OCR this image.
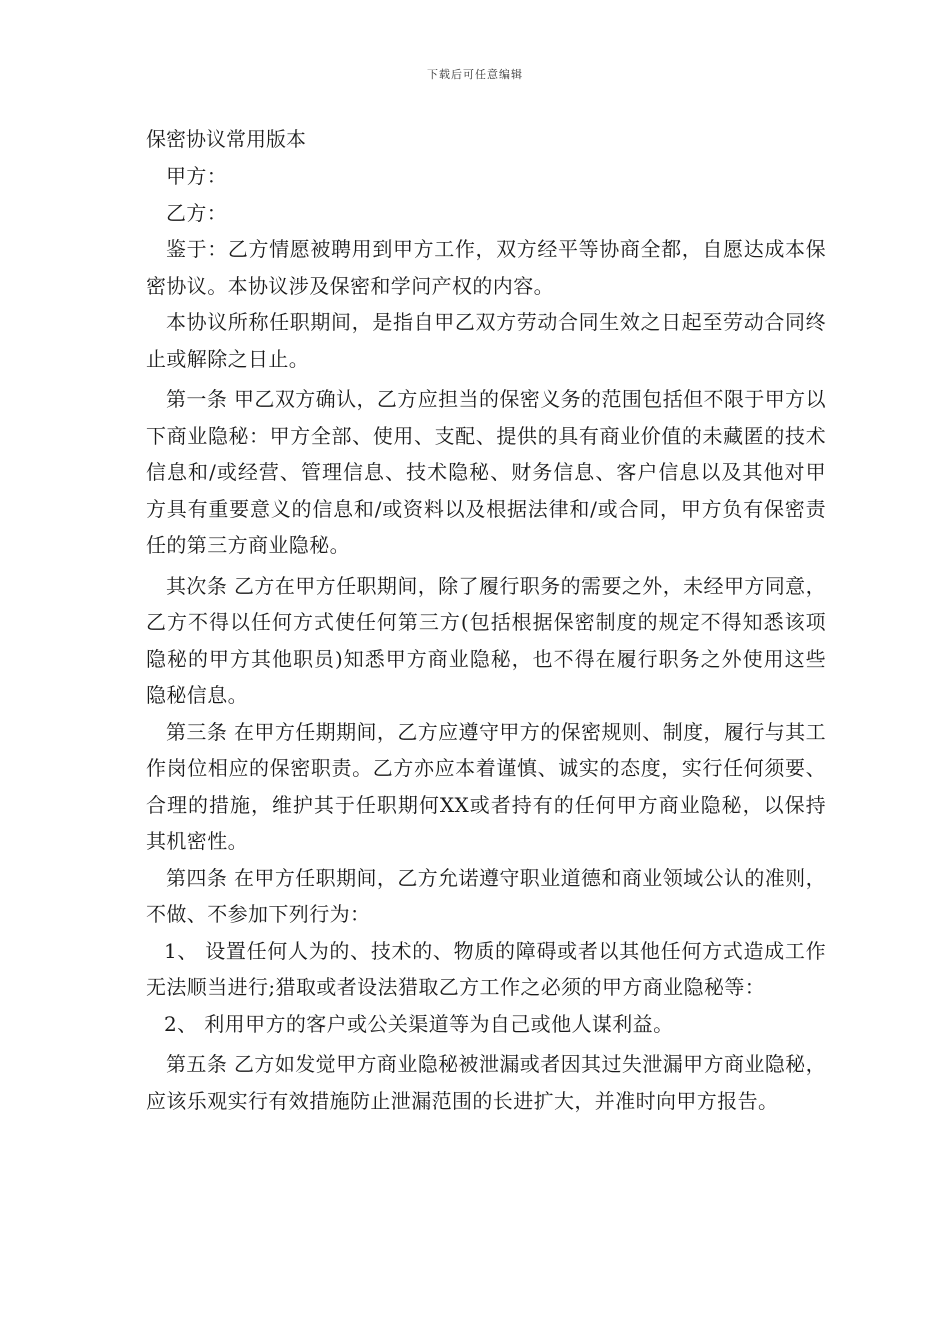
下载后可任意编辑
保密协议常用版本

甲方：

乙方：

鉴于：乙方情愿被聘用到甲方工作，双方经平等协商全都，自愿达成本保密协议。本协议涉及保密和学问产权的内容。

本协议所称任职期间，是指自甲乙双方劳动合同生效之日起至劳动合同终止或解除之日止。

第一条 甲乙双方确认，乙方应担当的保密义务的范围包括但不限于甲方以下商业隐秘：甲方全部、使用、支配、提供的具有商业价值的未藏匿的技术信息和/或经营、管理信息、技术隐秘、财务信息、客户信息以及其他对甲方具有重要意义的信息和/或资料以及根据法律和/或合同，甲方负有保密责任的第三方商业隐秘。

其次条 乙方在甲方任职期间，除了履行职务的需要之外，未经甲方同意，乙方不得以任何方式使任何第三方(包括根据保密制度的规定不得知悉该项隐秘的甲方其他职员)知悉甲方商业隐秘，也不得在履行职务之外使用这些隐秘信息。

第三条 在甲方任期期间，乙方应遵守甲方的保密规则、制度，履行与其工作岗位相应的保密职责。乙方亦应本着谨慎、诚实的态度，实行任何须要、合理的措施，维护其于任职期何XX或者持有的任何甲方商业隐秘，以保持其机密性。

第四条 在甲方任职期间，乙方允诺遵守职业道德和商业领域公认的准则，不做、不参加下列行为：

1、 设置任何人为的、技术的、物质的障碍或者以其他任何方式造成工作无法顺当进行;猎取或者设法猎取乙方工作之必须的甲方商业隐秘等：

2、 利用甲方的客户或公关渠道等为自己或他人谋利益。

第五条 乙方如发觉甲方商业隐秘被泄漏或者因其过失泄漏甲方商业隐秘，应该乐观实行有效措施防止泄漏范围的长进扩大，并准时向甲方报告。
